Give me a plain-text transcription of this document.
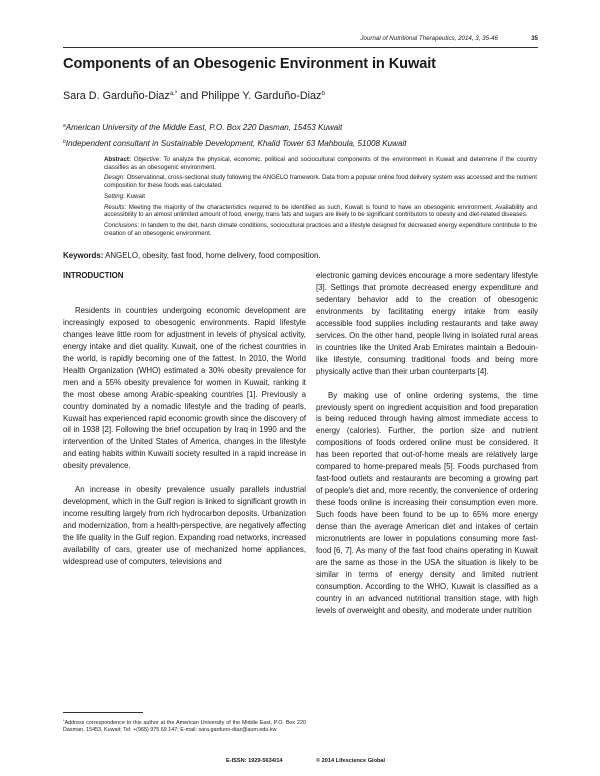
Journal of Nutritional Therapeutics, 2014, 3, 35-46	35
Components of an Obesogenic Environment in Kuwait
Sara D. Garduño-Diaz$^{a,*}$ and Philippe Y. Garduño-Diaz$^b$
$^a$American University of the Middle East, P.O. Box 220 Dasman, 15453 Kuwait
$^b$Independent consultant in Sustainable Development, Khalid Tower 63 Mahboula, 51008 Kuwait

Abstract: Objective: To analyze the physical, economic, political and sociocultural components of the environment in Kuwait and determine if the country classifies as an obesogenic environment.

Design: Observational, cross-sectional study following the ANGELO framework. Data from a popular online food delivery system was accessed and the nutrient composition for these foods was calculated.

Setting: Kuwait

Results: Meeting the majority of the characteristics required to be identified as such, Kuwait is found to have an obesogenic environment. Availability and accessibility to an almost unlimited amount of food, energy, trans fats and sugars are likely to be significant contributors to obesity and diet-related diseases.

Conclusions: In tandem to the diet, harsh climate conditions, sociocultural practices and a lifestyle designed for decreased energy expenditure contribute to the creation of an obesogenic environment.

Keywords: ANGELO, obesity, fast food, home delivery, food composition.
INTRODUCTION

Residents in countries undergoing economic development are increasingly exposed to obesogenic environments. Rapid lifestyle changes leave little room for adjustment in levels of physical activity, energy intake and diet quality. Kuwait, one of the richest countries in the world, is rapidly becoming one of the fattest. In 2010, the World Health Organization (WHO) estimated a 30% obesity prevalence for men and a 55% obesity prevalence for women in Kuwait, ranking it the most obese among Arabic-speaking countries [1]. Previously a country dominated by a nomadic lifestyle and the trading of pearls, Kuwait has experienced rapid economic growth since the discovery of oil in 1938 [2]. Following the brief occupation by Iraq in 1990 and the intervention of the United States of America, changes in the lifestyle and eating habits within Kuwaiti society resulted in a rapid increase in obesity prevalence.

An increase in obesity prevalence usually parallels industrial development, which in the Gulf region is linked to significant growth in income resulting largely from rich hydrocarbon deposits. Urbanization and modernization, from a health-perspective, are negatively affecting the life quality in the Gulf region. Expanding road networks, increased availability of cars, greater use of mechanized home appliances, widespread use of computers, televisions and

electronic gaming devices encourage a more sedentary lifestyle [3]. Settings that promote decreased energy expenditure and sedentary behavior add to the creation of obesogenic environments by facilitating energy intake from easily accessible food supplies including restaurants and take away services. On the other hand, people living in isolated rural areas in countries like the United Arab Emirates maintain a Bedouin-like lifestyle, consuming traditional foods and being more physically active than their urban counterparts [4].

By making use of online ordering systems, the time previously spent on ingredient acquisition and food preparation is being reduced through having almost immediate access to energy (calories). Further, the portion size and nutrient compositions of foods ordered online must be considered. It has been reported that out-of-home meals are relatively large compared to home-prepared meals [5]. Foods purchased from fast-food outlets and restaurants are becoming a growing part of people's diet and, more recently, the convenience of ordering these foods online is increasing their consumption even more. Such foods have been found to be up to 65% more energy dense than the average American diet and intakes of certain micronutrients are lower in populations consuming more fast-food [6, 7]. As many of the fast food chains operating in Kuwait are the same as those in the USA the situation is likely to be similar in terms of energy density and limited nutrient consumption. According to the WHO, Kuwait is classified as a country in an advanced nutritional transition stage, with high levels of overweight and obesity, and moderate under nutrition

*Address correspondence to this author at the American University of the Middle East, P.O. Box 220 Dasman, 15453, Kuwait; Tel: +(965) 975 69 147; E-mail: sara.garduno-diaz@aum.edu.kw
E-ISSN: 1929-5634/14	© 2014 Lifescience Global
